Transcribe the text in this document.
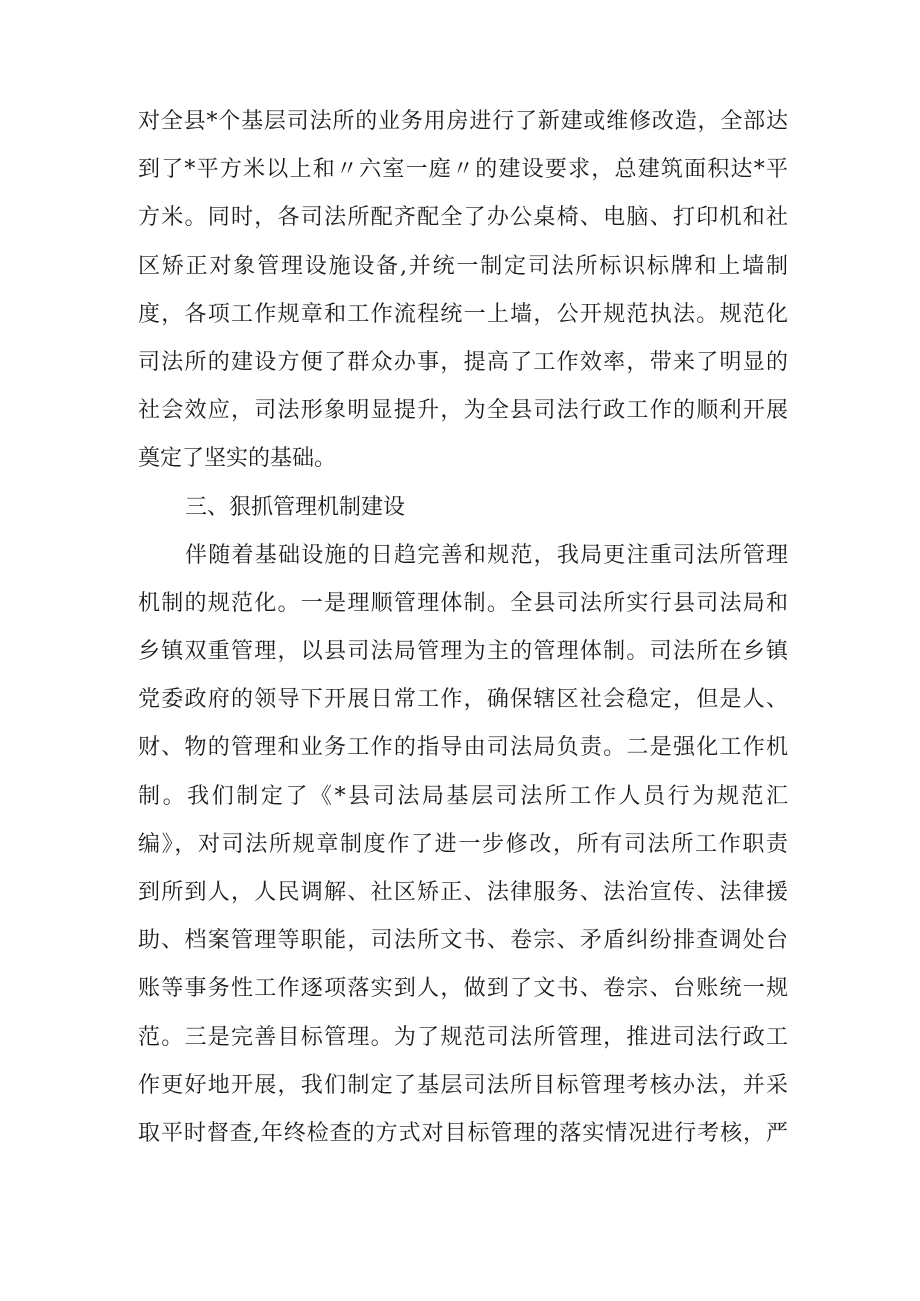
对全县*个基层司法所的业务用房进行了新建或维修改造，全部达
到了*平方米以上和〃六室一庭〃的建设要求，总建筑面积达*平
方米。同时，各司法所配齐配全了办公桌椅、电脑、打印机和社
区矫正对象管理设施设备,并统一制定司法所标识标牌和上墙制
度，各项工作规章和工作流程统一上墙，公开规范执法。规范化
司法所的建设方便了群众办事，提高了工作效率，带来了明显的
社会效应，司法形象明显提升，为全县司法行政工作的顺利开展
奠定了坚实的基础。
三、狠抓管理机制建设
伴随着基础设施的日趋完善和规范，我局更注重司法所管理
机制的规范化。一是理顺管理体制。全县司法所实行县司法局和
乡镇双重管理，以县司法局管理为主的管理体制。司法所在乡镇
党委政府的领导下开展日常工作，确保辖区社会稳定，但是人、
财、物的管理和业务工作的指导由司法局负责。二是强化工作机
制。我们制定了《*县司法局基层司法所工作人员行为规范汇
编》，对司法所规章制度作了进一步修改，所有司法所工作职责
到所到人，人民调解、社区矫正、法律服务、法治宣传、法律援
助、档案管理等职能，司法所文书、卷宗、矛盾纠纷排查调处台
账等事务性工作逐项落实到人，做到了文书、卷宗、台账统一规
范。三是完善目标管理。为了规范司法所管理，推进司法行政工
作更好地开展，我们制定了基层司法所目标管理考核办法，并采
取平时督查,年终检查的方式对目标管理的落实情况进行考核，严
